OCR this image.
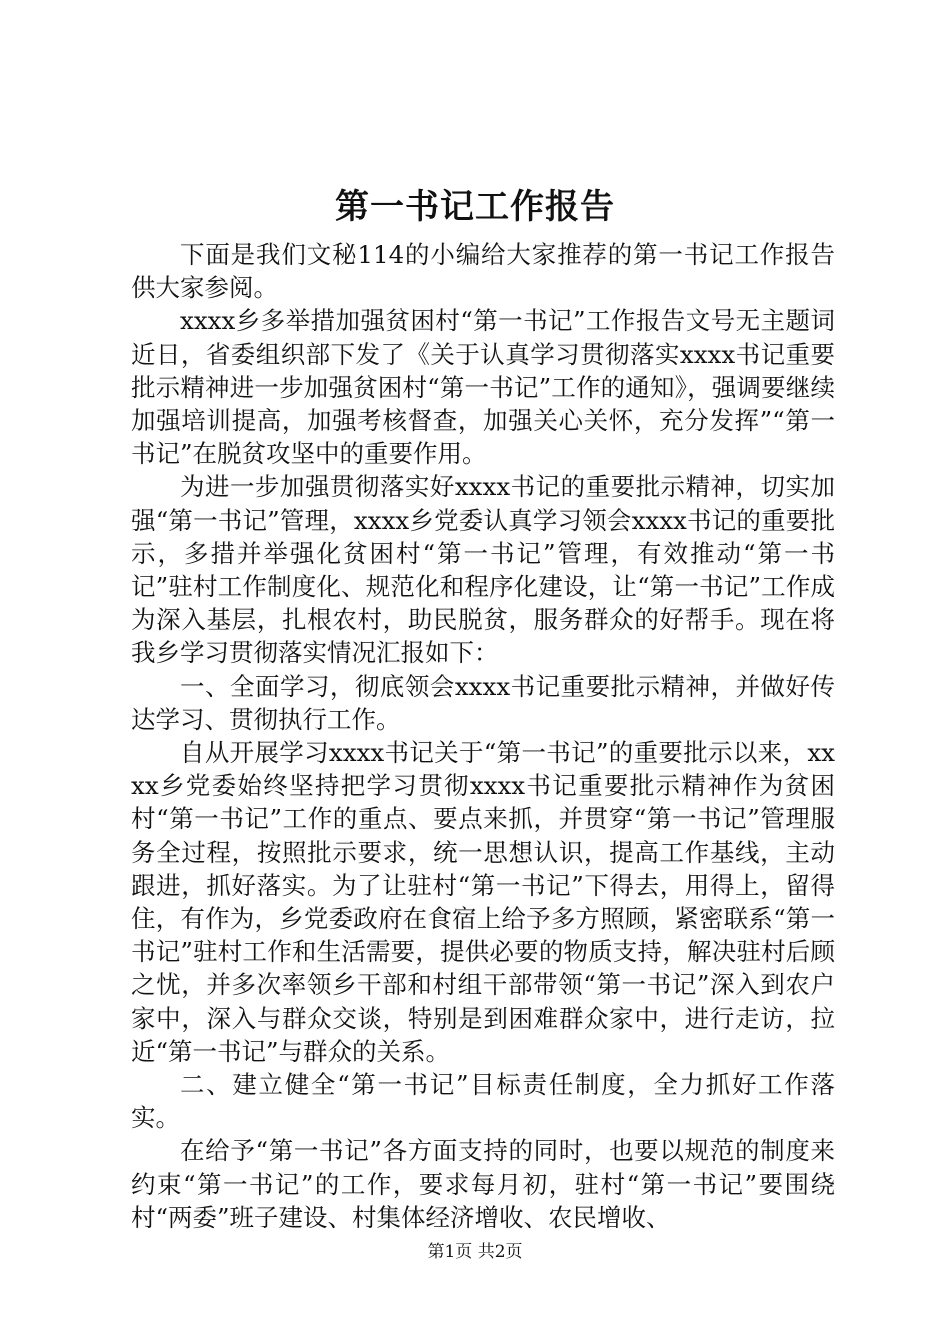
第一书记工作报告

下面是我们文秘114的小编给大家推荐的第一书记工作报告供大家参阅。

xxxx乡多举措加强贫困村“第一书记”工作报告文号无主题词近日，省委组织部下发了《关于认真学习贯彻落实xxxx书记重要批示精神进一步加强贫困村“第一书记”工作的通知》，强调要继续加强培训提高，加强考核督查，加强关心关怀，充分发挥”“第一书记”在脱贫攻坚中的重要作用。

为进一步加强贯彻落实好xxxx书记的重要批示精神，切实加强“第一书记”管理，xxxx乡党委认真学习领会xxxx书记的重要批示，多措并举强化贫困村“第一书记”管理，有效推动“第一书记”驻村工作制度化、规范化和程序化建设，让“第一书记”工作成为深入基层，扎根农村，助民脱贫，服务群众的好帮手。现在将我乡学习贯彻落实情况汇报如下：

一、全面学习，彻底领会xxxx书记重要批示精神，并做好传达学习、贯彻执行工作。

自从开展学习xxxx书记关于“第一书记”的重要批示以来，xxxx乡党委始终坚持把学习贯彻xxxx书记重要批示精神作为贫困村“第一书记”工作的重点、要点来抓，并贯穿“第一书记”管理服务全过程，按照批示要求，统一思想认识，提高工作基线，主动跟进，抓好落实。为了让驻村“第一书记”下得去，用得上，留得住，有作为，乡党委政府在食宿上给予多方照顾，紧密联系“第一书记”驻村工作和生活需要，提供必要的物质支持，解决驻村后顾之忧，并多次率领乡干部和村组干部带领“第一书记”深入到农户家中，深入与群众交谈，特别是到困难群众家中，进行走访，拉近“第一书记”与群众的关系。

二、建立健全“第一书记”目标责任制度，全力抓好工作落实。

在给予“第一书记”各方面支持的同时，也要以规范的制度来约束“第一书记”的工作，要求每月初，驻村“第一书记”要围绕村“两委”班子建设、村集体经济增收、农民增收、

第1页 共2页
